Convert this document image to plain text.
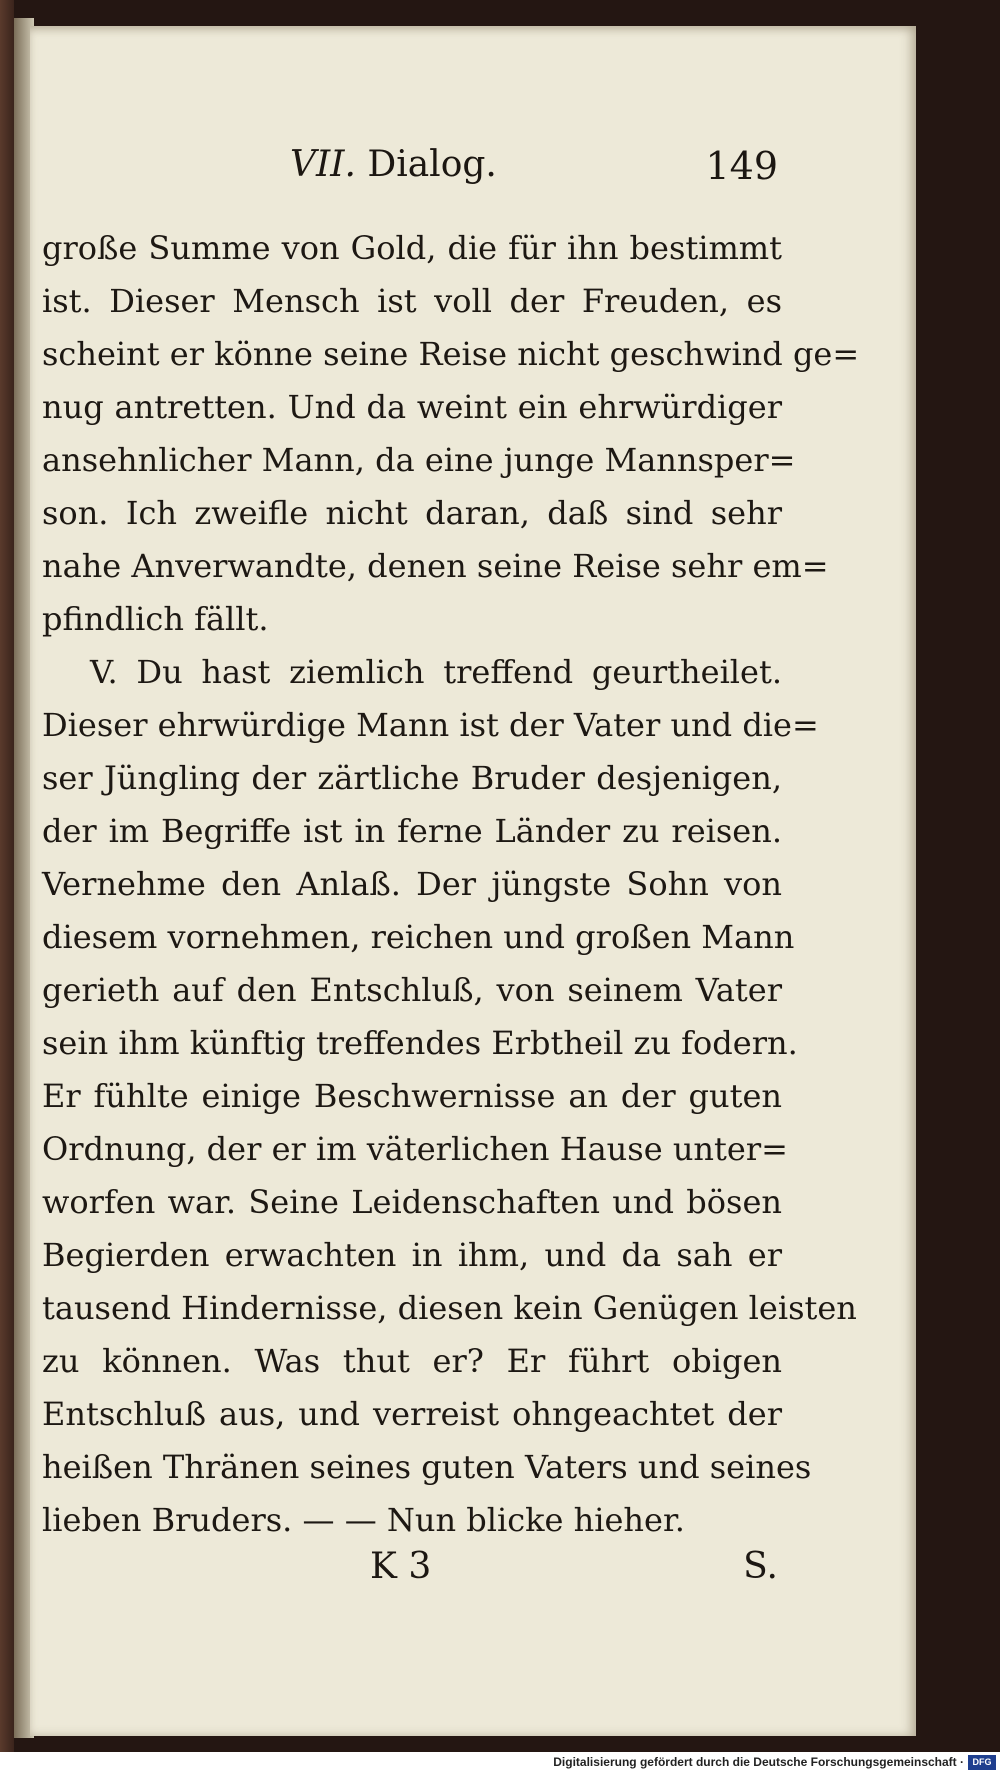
VII. Dialog.	149
große Summe von Gold, die für ihn bestimmt
ist. Dieser Mensch ist voll der Freuden, es
scheint er könne seine Reise nicht geschwind ge=
nug antretten. Und da weint ein ehrwürdiger
ansehnlicher Mann, da eine junge Mannsper=
son. Ich zweifle nicht daran, daß sind sehr
nahe Anverwandte, denen seine Reise sehr em=
pfindlich fällt.
V. Du hast ziemlich treffend geurtheilet.
Dieser ehrwürdige Mann ist der Vater und die=
ser Jüngling der zärtliche Bruder desjenigen,
der im Begriffe ist in ferne Länder zu reisen.
Vernehme den Anlaß. Der jüngste Sohn von
diesem vornehmen, reichen und großen Mann
gerieth auf den Entschluß, von seinem Vater
sein ihm künftig treffendes Erbtheil zu fodern.
Er fühlte einige Beschwernisse an der guten
Ordnung, der er im väterlichen Hause unter=
worfen war. Seine Leidenschaften und bösen
Begierden erwachten in ihm, und da sah er
tausend Hindernisse, diesen kein Genügen leisten
zu können. Was thut er? Er führt obigen
Entschluß aus, und verreist ohngeachtet der
heißen Thränen seines guten Vaters und seines
lieben Bruders. — — Nun blicke hieher.
K 3	S.
Digitalisierung gefördert durch die Deutsche Forschungsgemeinschaft · DFG
